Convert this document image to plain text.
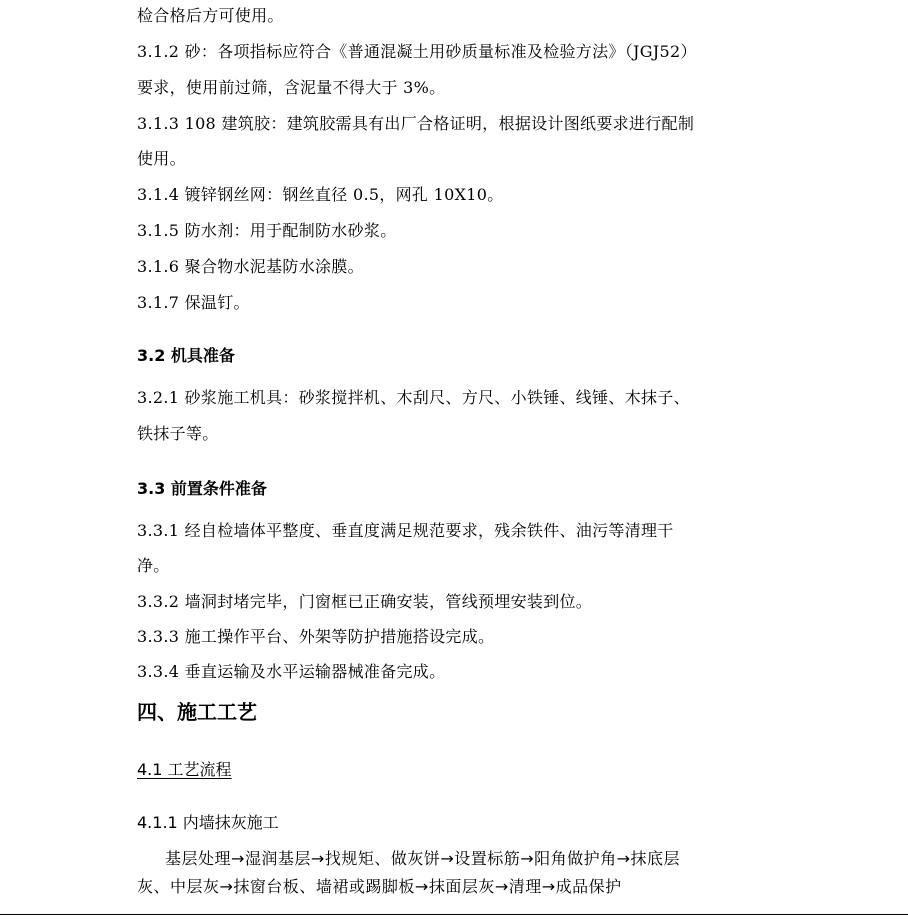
检合格后方可使用。
3.1.2 砂：各项指标应符合《普通混凝土用砂质量标准及检验方法》（JGJ52）
要求，使用前过筛，含泥量不得大于 3%。
3.1.3 108 建筑胶：建筑胶需具有出厂合格证明，根据设计图纸要求进行配制
使用。
3.1.4 镀锌钢丝网：钢丝直径 0.5，网孔 10X10。
3.1.5 防水剂：用于配制防水砂浆。
3.1.6 聚合物水泥基防水涂膜。
3.1.7 保温钉。
3.2 机具准备
3.2.1 砂浆施工机具：砂浆搅拌机、木刮尺、方尺、小铁锤、线锤、木抹子、
铁抹子等。
3.3 前置条件准备
3.3.1 经自检墙体平整度、垂直度满足规范要求，残余铁件、油污等清理干
净。
3.3.2 墙洞封堵完毕，门窗框已正确安装，管线预埋安装到位。
3.3.3 施工操作平台、外架等防护措施搭设完成。
3.3.4 垂直运输及水平运输器械准备完成。
四、施工工艺
4.1 工艺流程
4.1.1 内墙抹灰施工
基层处理→湿润基层→找规矩、做灰饼→设置标筋→阳角做护角→抹底层
灰、中层灰→抹窗台板、墙裙或踢脚板→抹面层灰→清理→成品保护
